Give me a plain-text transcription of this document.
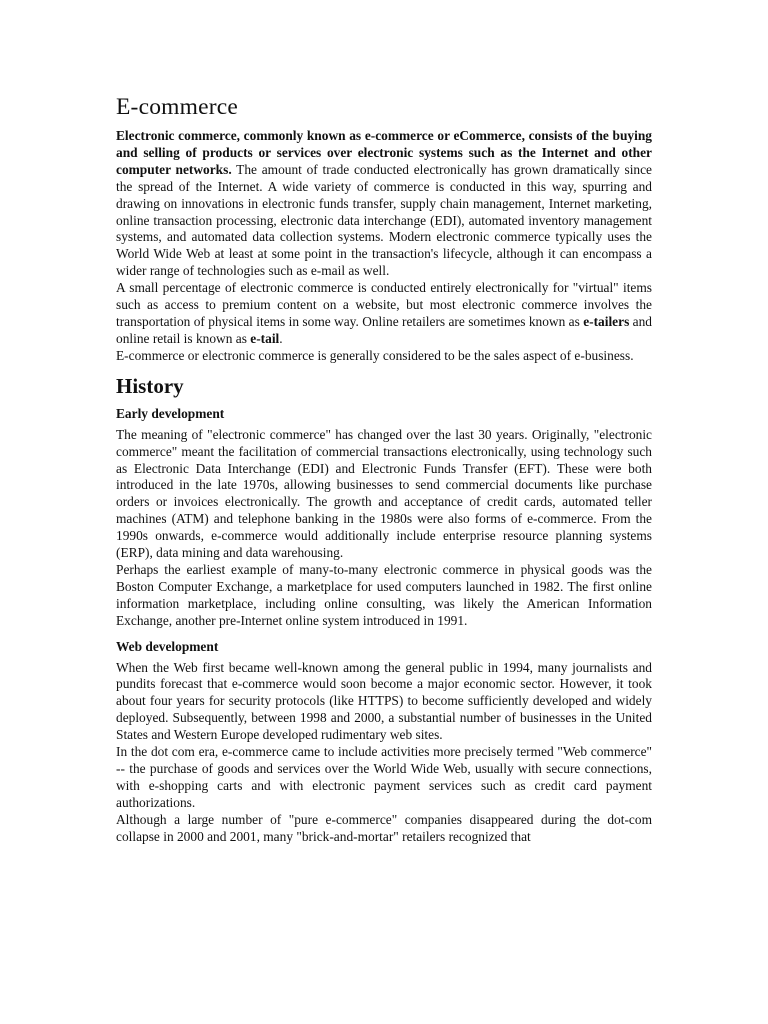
E-commerce

Electronic commerce, commonly known as e-commerce or eCommerce, consists of the buying and selling of products or services over electronic systems such as the Internet and other computer networks. The amount of trade conducted electronically has grown dramatically since the spread of the Internet. A wide variety of commerce is conducted in this way, spurring and drawing on innovations in electronic funds transfer, supply chain management, Internet marketing, online transaction processing, electronic data interchange (EDI), automated inventory management systems, and automated data collection systems. Modern electronic commerce typically uses the World Wide Web at least at some point in the transaction's lifecycle, although it can encompass a wider range of technologies such as e-mail as well.

A small percentage of electronic commerce is conducted entirely electronically for "virtual" items such as access to premium content on a website, but most electronic commerce involves the transportation of physical items in some way. Online retailers are sometimes known as e-tailers and online retail is known as e-tail.

E-commerce or electronic commerce is generally considered to be the sales aspect of e-business.

History
Early development

The meaning of "electronic commerce" has changed over the last 30 years. Originally, "electronic commerce" meant the facilitation of commercial transactions electronically, using technology such as Electronic Data Interchange (EDI) and Electronic Funds Transfer (EFT). These were both introduced in the late 1970s, allowing businesses to send commercial documents like purchase orders or invoices electronically. The growth and acceptance of credit cards, automated teller machines (ATM) and telephone banking in the 1980s were also forms of e-commerce. From the 1990s onwards, e-commerce would additionally include enterprise resource planning systems (ERP), data mining and data warehousing.

Perhaps the earliest example of many-to-many electronic commerce in physical goods was the Boston Computer Exchange, a marketplace for used computers launched in 1982. The first online information marketplace, including online consulting, was likely the American Information Exchange, another pre-Internet online system introduced in 1991.

Web development

When the Web first became well-known among the general public in 1994, many journalists and pundits forecast that e-commerce would soon become a major economic sector. However, it took about four years for security protocols (like HTTPS) to become sufficiently developed and widely deployed. Subsequently, between 1998 and 2000, a substantial number of businesses in the United States and Western Europe developed rudimentary web sites.

In the dot com era, e-commerce came to include activities more precisely termed "Web commerce" -- the purchase of goods and services over the World Wide Web, usually with secure connections, with e-shopping carts and with electronic payment services such as credit card payment authorizations.

Although a large number of "pure e-commerce" companies disappeared during the dot-com collapse in 2000 and 2001, many "brick-and-mortar" retailers recognized that
